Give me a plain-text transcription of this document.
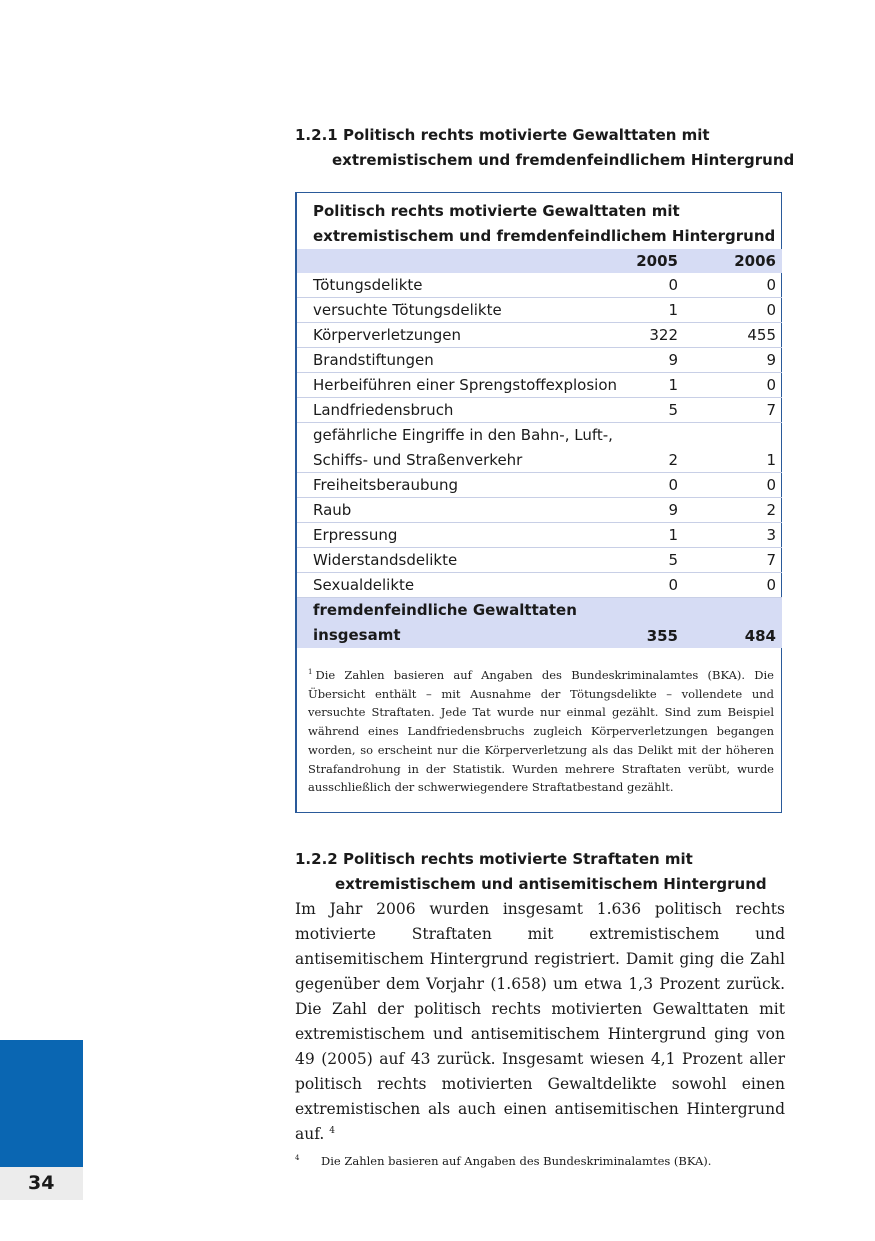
1.2.1 Politisch rechts motivierte Gewalttaten mit
extremistischem und fremdenfeindlichem Hintergrund
Politisch rechts motivierte Gewalttaten mit
extremistischem und fremdenfeindlichem Hintergrund
2005	2006
Tötungsdelikte	0	0
versuchte Tötungsdelikte	1	0
Körperverletzungen	322	455
Brandstiftungen	9	9
Herbeiführen einer Sprengstoffexplosion	1	0
Landfriedensbruch	5	7
gefährliche Eingriffe in den Bahn-, Luft-, Schiffs- und Straßenverkehr	2	1
Freiheitsberaubung	0	0
Raub	9	2
Erpressung	1	3
Widerstandsdelikte	5	7
Sexualdelikte	0	0
fremdenfeindliche Gewalttaten insgesamt	355	484
$^1$ Die Zahlen basieren auf Angaben des Bundeskriminalamtes (BKA). Die Übersicht enthält – mit Ausnahme der Tötungsdelikte – vollendete und versuchte Straftaten. Jede Tat wurde nur einmal gezählt. Sind zum Beispiel während eines Landfriedensbruchs zugleich Körperverletzungen begangen worden, so erscheint nur die Körperverletzung als das Delikt mit der höheren Strafandrohung in der Statistik. Wurden mehrere Straftaten verübt, wurde ausschließlich der schwerwiegendere Straftatbestand gezählt.
1.2.2 Politisch rechts motivierte Straftaten mit
extremistischem und antisemitischem Hintergrund
Im Jahr 2006 wurden insgesamt 1.636 politisch rechts motivierte Straftaten mit extremistischem und antisemitischem Hintergrund registriert. Damit ging die Zahl gegenüber dem Vorjahr (1.658) um etwa 1,3 Prozent zurück. Die Zahl der politisch rechts motivierten Gewalttaten mit extremistischem und antisemitischem Hintergrund ging von 49 (2005) auf 43 zurück. Insgesamt wiesen 4,1 Prozent aller politisch rechts motivierten Gewaltdelikte sowohl einen extremistischen als auch einen antisemitischen Hintergrund auf. $^4$
4 Die Zahlen basieren auf Angaben des Bundeskriminalamtes (BKA).
34
